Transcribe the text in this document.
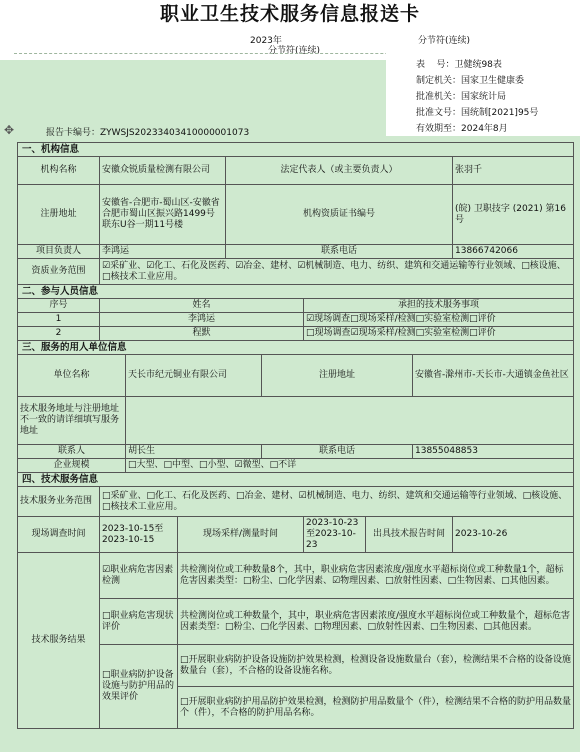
职业卫生技术服务信息报送卡
2023年	分节符(连续)
分节符(连续)
表    号：卫健统98表
制定机关：国家卫生健康委
批准机关：国家统计局
批准文号：国统制[2021]95号
有效期至：2024年8月
✥	报告卡编号：ZYWSJS20233403410000001073
一、机构信息									
机构名称	安徽众锐质量检测有限公司			法定代表人（或主要负责人）					张羽千
注册地址	安徽省-合肥市-蜀山区-安徽省合肥市蜀山区振兴路1499号联东U谷一期11号楼			机构资质证书编号					(皖) 卫职技字 (2021) 第16号
项目负责人	李鸿运			联系电话					13866742066
资质业务范围	☑采矿业、☑化工、石化及医药、☑冶金、建材、☑机械制造、电力、纺织、建筑和交通运输等行业领域、□核设施、□核技术工业应用。								
二、参与人员信息									
序号	姓名					承担的技术服务事项			
1	李鸿运					☑现场调查□现场采样/检测□实验室检测□评价			
2	程默					□现场调查☑现场采样/检测□实验室检测□评价			
三、服务的用人单位信息									
单位名称		天长市纪元铜业有限公司			注册地址			安徽省-滁州市-天长市-大通镇金鱼社区	
技术服务地址与注册地址不一致的请详细填写服务地址									
联系人		胡长生			联系电话			13855048853	
企业规模		□大型、□中型、□小型、☑微型、□不详							
四、技术服务信息									
技术服务业务范围	□采矿业、□化工、石化及医药、□冶金、建材、☑机械制造、电力、纺织、建筑和交通运输等行业领域、□核设施、□核技术工业应用。								
现场调查时间	2023-10-15至2023-10-15		现场采样/测量时间			2023-10-23至2023-10-23	出具技术报告时间		2023-10-26
技术服务结果	☑职业病危害因素检测		共检测岗位或工种数量8个，其中，职业病危害因素浓度/强度水平超标岗位或工种数量1个，超标危害因素类型：□粉尘、□化学因素、☑物理因素、□放射性因素、□生物因素、□其他因素。						
	□职业病危害现状评价		共检测岗位或工种数量个，其中，职业病危害因素浓度/强度水平超标岗位或工种数量个，超标危害因素类型：□粉尘、□化学因素、□物理因素、□放射性因素、□生物因素、□其他因素。						
	□职业病防护设备设施与防护用品的效果评价		□开展职业病防护设备设施防护效果检测，检测设备设施数量台（套），检测结果不合格的设备设施数量台（套），不合格的设备设施名称。						
			□开展职业病防护用品防护效果检测，检测防护用品数量个（件），检测结果不合格的防护用品数量个（件），不合格的防护用品名称。						
